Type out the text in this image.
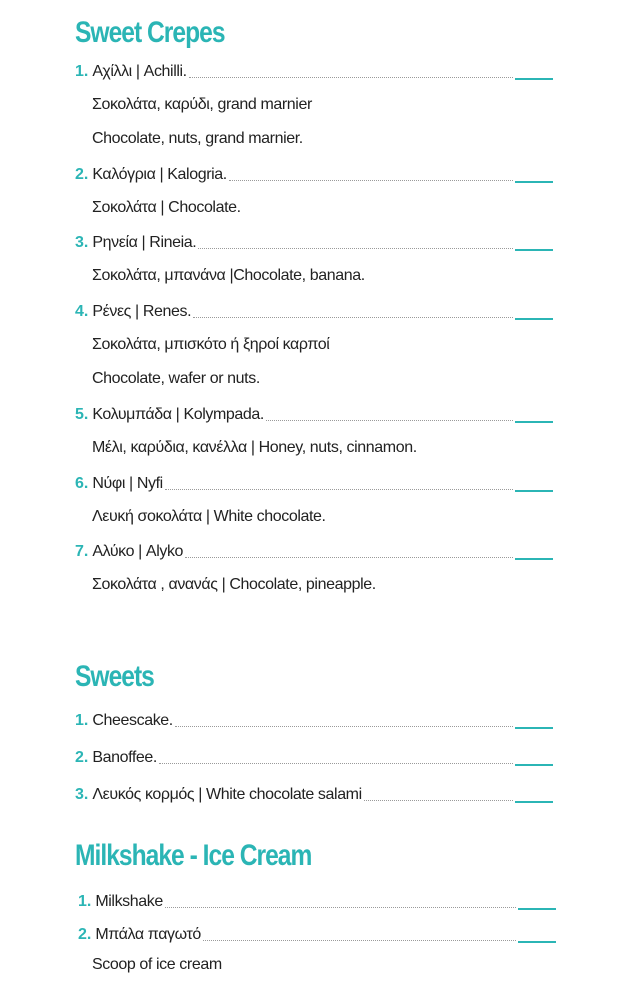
Sweet Crepes
1. Αχίλλι | Achilli.
Σοκολάτα, καρύδι, grand marnier
Chocolate, nuts, grand marnier.
2. Καλόγρια | Kalogria.
Σοκολάτα | Chocolate.
3. Ρηνεία | Rineia.
Σοκολάτα, μπανάνα |Chocolate, banana.
4. Ρένες | Renes.
Σοκολάτα, μπισκότο ή ξηροί καρποί
Chocolate, wafer or nuts.
5. Κολυμπάδα | Kolympada.
Μέλι, καρύδια, κανέλλα | Honey, nuts, cinnamon.
6. Νύφι | Nyfi
Λευκή σοκολάτα | White chocolate.
7. Αλύκο | Alyko
Σοκολάτα , ανανάς | Chocolate, pineapple.
Sweets
1. Cheescake.
2. Banoffee.
3. Λευκός κορμός | White chocolate salami
Milkshake - Ice Cream
1. Milkshake
2. Μπάλα παγωτό
Scoop of ice cream
